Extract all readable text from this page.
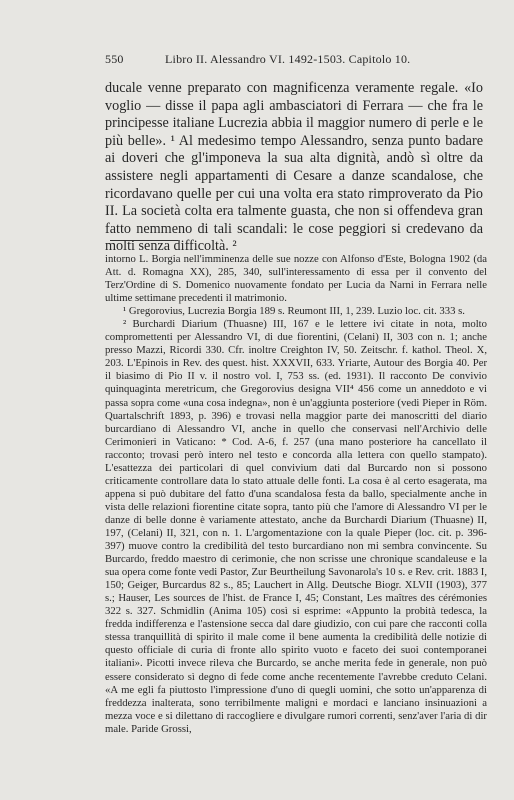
550	Libro II. Alessandro VI. 1492-1503. Capitolo 10.

ducale venne preparato con magnificenza veramente regale. «Io voglio — disse il papa agli ambasciatori di Ferrara — che fra le principesse italiane Lucrezia abbia il maggior numero di perle e le più belle». ¹ Al medesimo tempo Alessandro, senza punto badare ai doveri che gl'imponeva la sua alta dignità, andò sì oltre da assistere negli appartamenti di Cesare a danze scandalose, che ricordavano quelle per cui una volta era stato rimproverato da Pio II. La società colta era talmente guasta, che non si offendeva gran fatto nemmeno di tali scandali: le cose peggiori si credevano da molti senza difficoltà. ²

intorno L. Borgia nell'imminenza delle sue nozze con Alfonso d'Este, Bologna 1902 (da Att. d. Romagna XX), 285, 340, sull'interessamento di essa per il convento del Terz'Ordine di S. Domenico nuovamente fondato per Lucia da Narni in Ferrara nelle ultime settimane precedenti il matrimonio.

¹ Gregorovius, Lucrezia Borgia 189 s. Reumont III, 1, 239. Luzio loc. cit. 333 s.

² Burchardi Diarium (Thuasne) III, 167 e le lettere ivi citate in nota, molto compromettenti per Alessandro VI, di due fiorentini, (Celani) II, 303 con n. 1; anche presso Mazzi, Ricordi 330. Cfr. inoltre Creighton IV, 50. Zeitschr. f. kathol. Theol. X, 203. L'Epinois in Rev. des quest. hist. XXXVII, 633. Yriarte, Autour des Borgia 40. Per il biasimo di Pio II v. il nostro vol. I, 753 ss. (ed. 1931). Il racconto De convivio quinquaginta meretricum, che Gregorovius designa VII⁴ 456 come un anneddoto e vi passa sopra come «una cosa indegna», non è un'aggiunta posteriore (vedi Pieper in Röm. Quartalschrift 1893, p. 396) e trovasi nella maggior parte dei manoscritti del diario burcardiano di Alessandro VI, anche in quello che conservasi nell'Archivio delle Cerimonieri in Vaticano: * Cod. A-6, f. 257 (una mano posteriore ha cancellato il racconto; trovasi però intero nel testo e concorda alla lettera con quello stampato). L'esattezza dei particolari di quel convivium dati dal Burcardo non si possono criticamente controllare data lo stato attuale delle fonti. La cosa è al certo esagerata, ma appena si può dubitare del fatto d'una scandalosa festa da ballo, specialmente anche in vista delle relazioni fiorentine citate sopra, tanto più che l'amore di Alessandro VI per le danze di belle donne è variamente attestato, anche da Burchardi Diarium (Thuasne) II, 197, (Celani) II, 321, con n. 1. L'argomentazione con la quale Pieper (loc. cit. p. 396-397) muove contro la credibilità del testo burcardiano non mi sembra convincente. Su Burcardo, freddo maestro di cerimonie, che non scrisse une chronique scandaleuse e la sua opera come fonte vedi Pastor, Zur Beurtheilung Savonarola's 10 s. e Rev. crit. 1883 I, 150; Geiger, Burcardus 82 s., 85; Lauchert in Allg. Deutsche Biogr. XLVII (1903), 377 s.; Hauser, Les sources de l'hist. de France I, 45; Constant, Les maîtres des cérémonies 322 s. 327. Schmidlin (Anima 105) così si esprime: «Appunto la probità tedesca, la fredda indifferenza e l'astensione secca dal dare giudizio, con cui pare che racconti colla stessa tranquillità di spirito il male come il bene aumenta la credibilità delle notizie di questo officiale di curia di fronte allo spirito vuoto e faceto dei suoi contemporanei italiani». Picotti invece rileva che Burcardo, se anche merita fede in generale, non può essere considerato sì degno di fede come anche recentemente l'avrebbe creduto Celani. «A me egli fa piuttosto l'impressione d'uno di quegli uomini, che sotto un'apparenza di freddezza inalterata, sono terribilmente maligni e mordaci e lanciano insinuazioni a mezza voce e si dilettano di raccogliere e divulgare rumori correnti, senz'aver l'aria di dir male. Paride Grossi,
